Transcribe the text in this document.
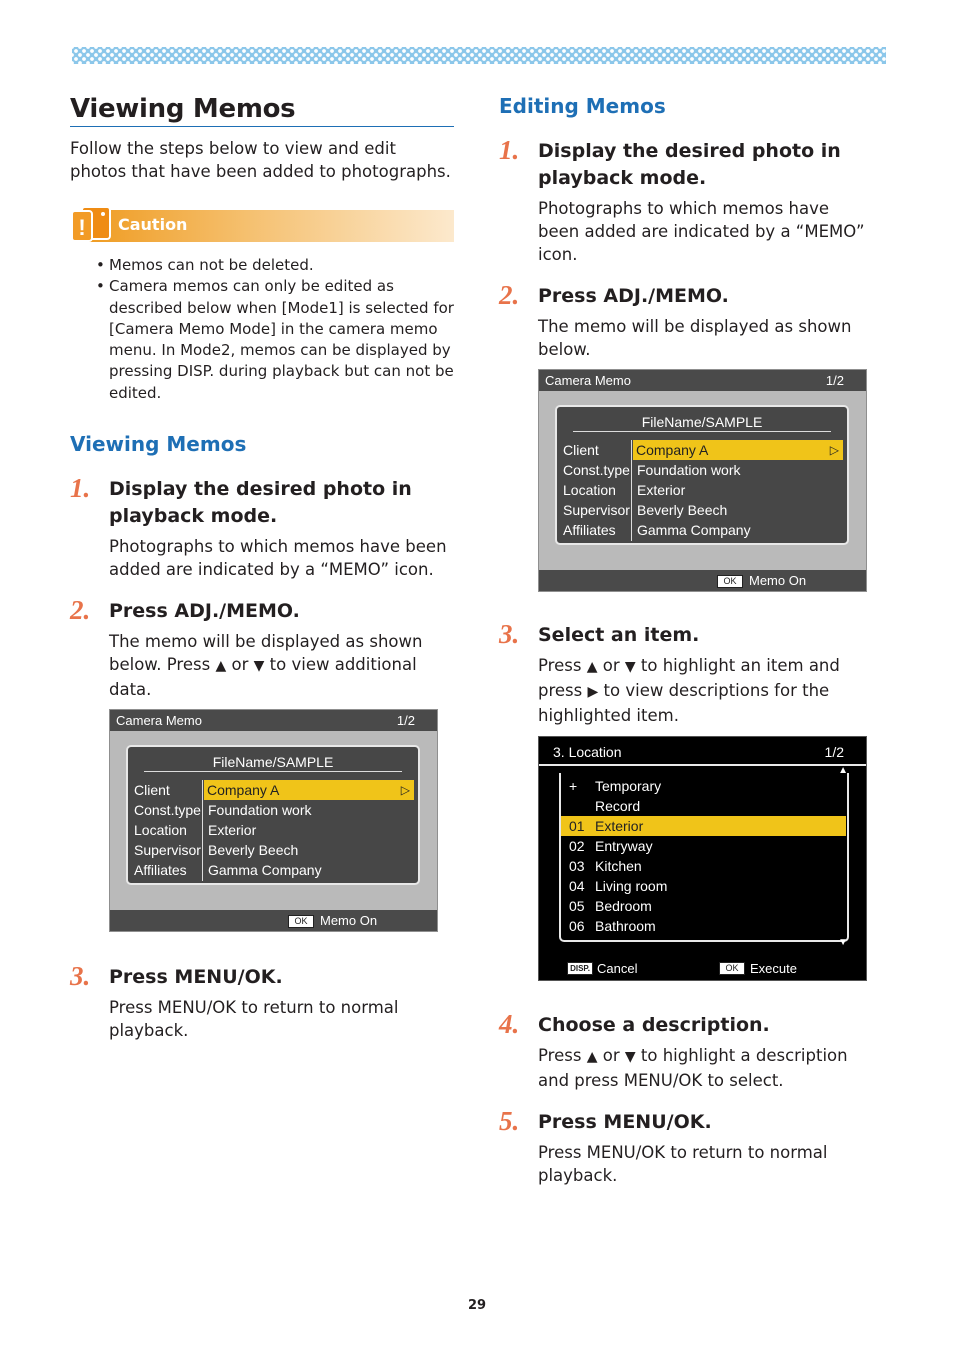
Viewing Memos

Follow the steps below to view and edit photos that have been added to photographs.

! Caution
• Memos can not be deleted.
• Camera memos can only be edited as described below when [Mode1] is selected for [Camera Memo Mode] in the camera memo menu. In Mode2, memos can be displayed by pressing DISP. during playback but can not be edited.
Viewing Memos
1. Display the desired photo in playback mode.
Photographs to which memos have been added are indicated by a “MEMO” icon.
2. Press ADJ./MEMO.
The memo will be displayed as shown below. Press ▲ or ▼ to view additional data.
Camera Memo	1/2
FileName/SAMPLE
Client	Company A	▷
Const.type Foundation work
Location Exterior
Supervisor Beverly Beech
Affiliates Gamma Company
OK Memo On
3. Press MENU/OK.
Press MENU/OK to return to normal playback.
Editing Memos
1. Display the desired photo in playback mode.
Photographs to which memos have been added are indicated by a “MEMO” icon.
2. Press ADJ./MEMO.
The memo will be displayed as shown below.
Camera Memo	1/2
FileName/SAMPLE
Client	Company A	▷
Const.type Foundation work
Location Exterior
Supervisor Beverly Beech
Affiliates Gamma Company
OK Memo On
3. Select an item.
Press ▲ or ▼ to highlight an item and press ▶ to view descriptions for the highlighted item.
3. Location	1/2
▲
▼
+	Temporary
Record
01 Exterior
02 Entryway
03 Kitchen
04 Living room
05 Bedroom
06 Bathroom
DISP. Cancel	OK Execute
4. Choose a description.
Press ▲ or ▼ to highlight a description and press MENU/OK to select.
5. Press MENU/OK.
Press MENU/OK to return to normal playback.
29
